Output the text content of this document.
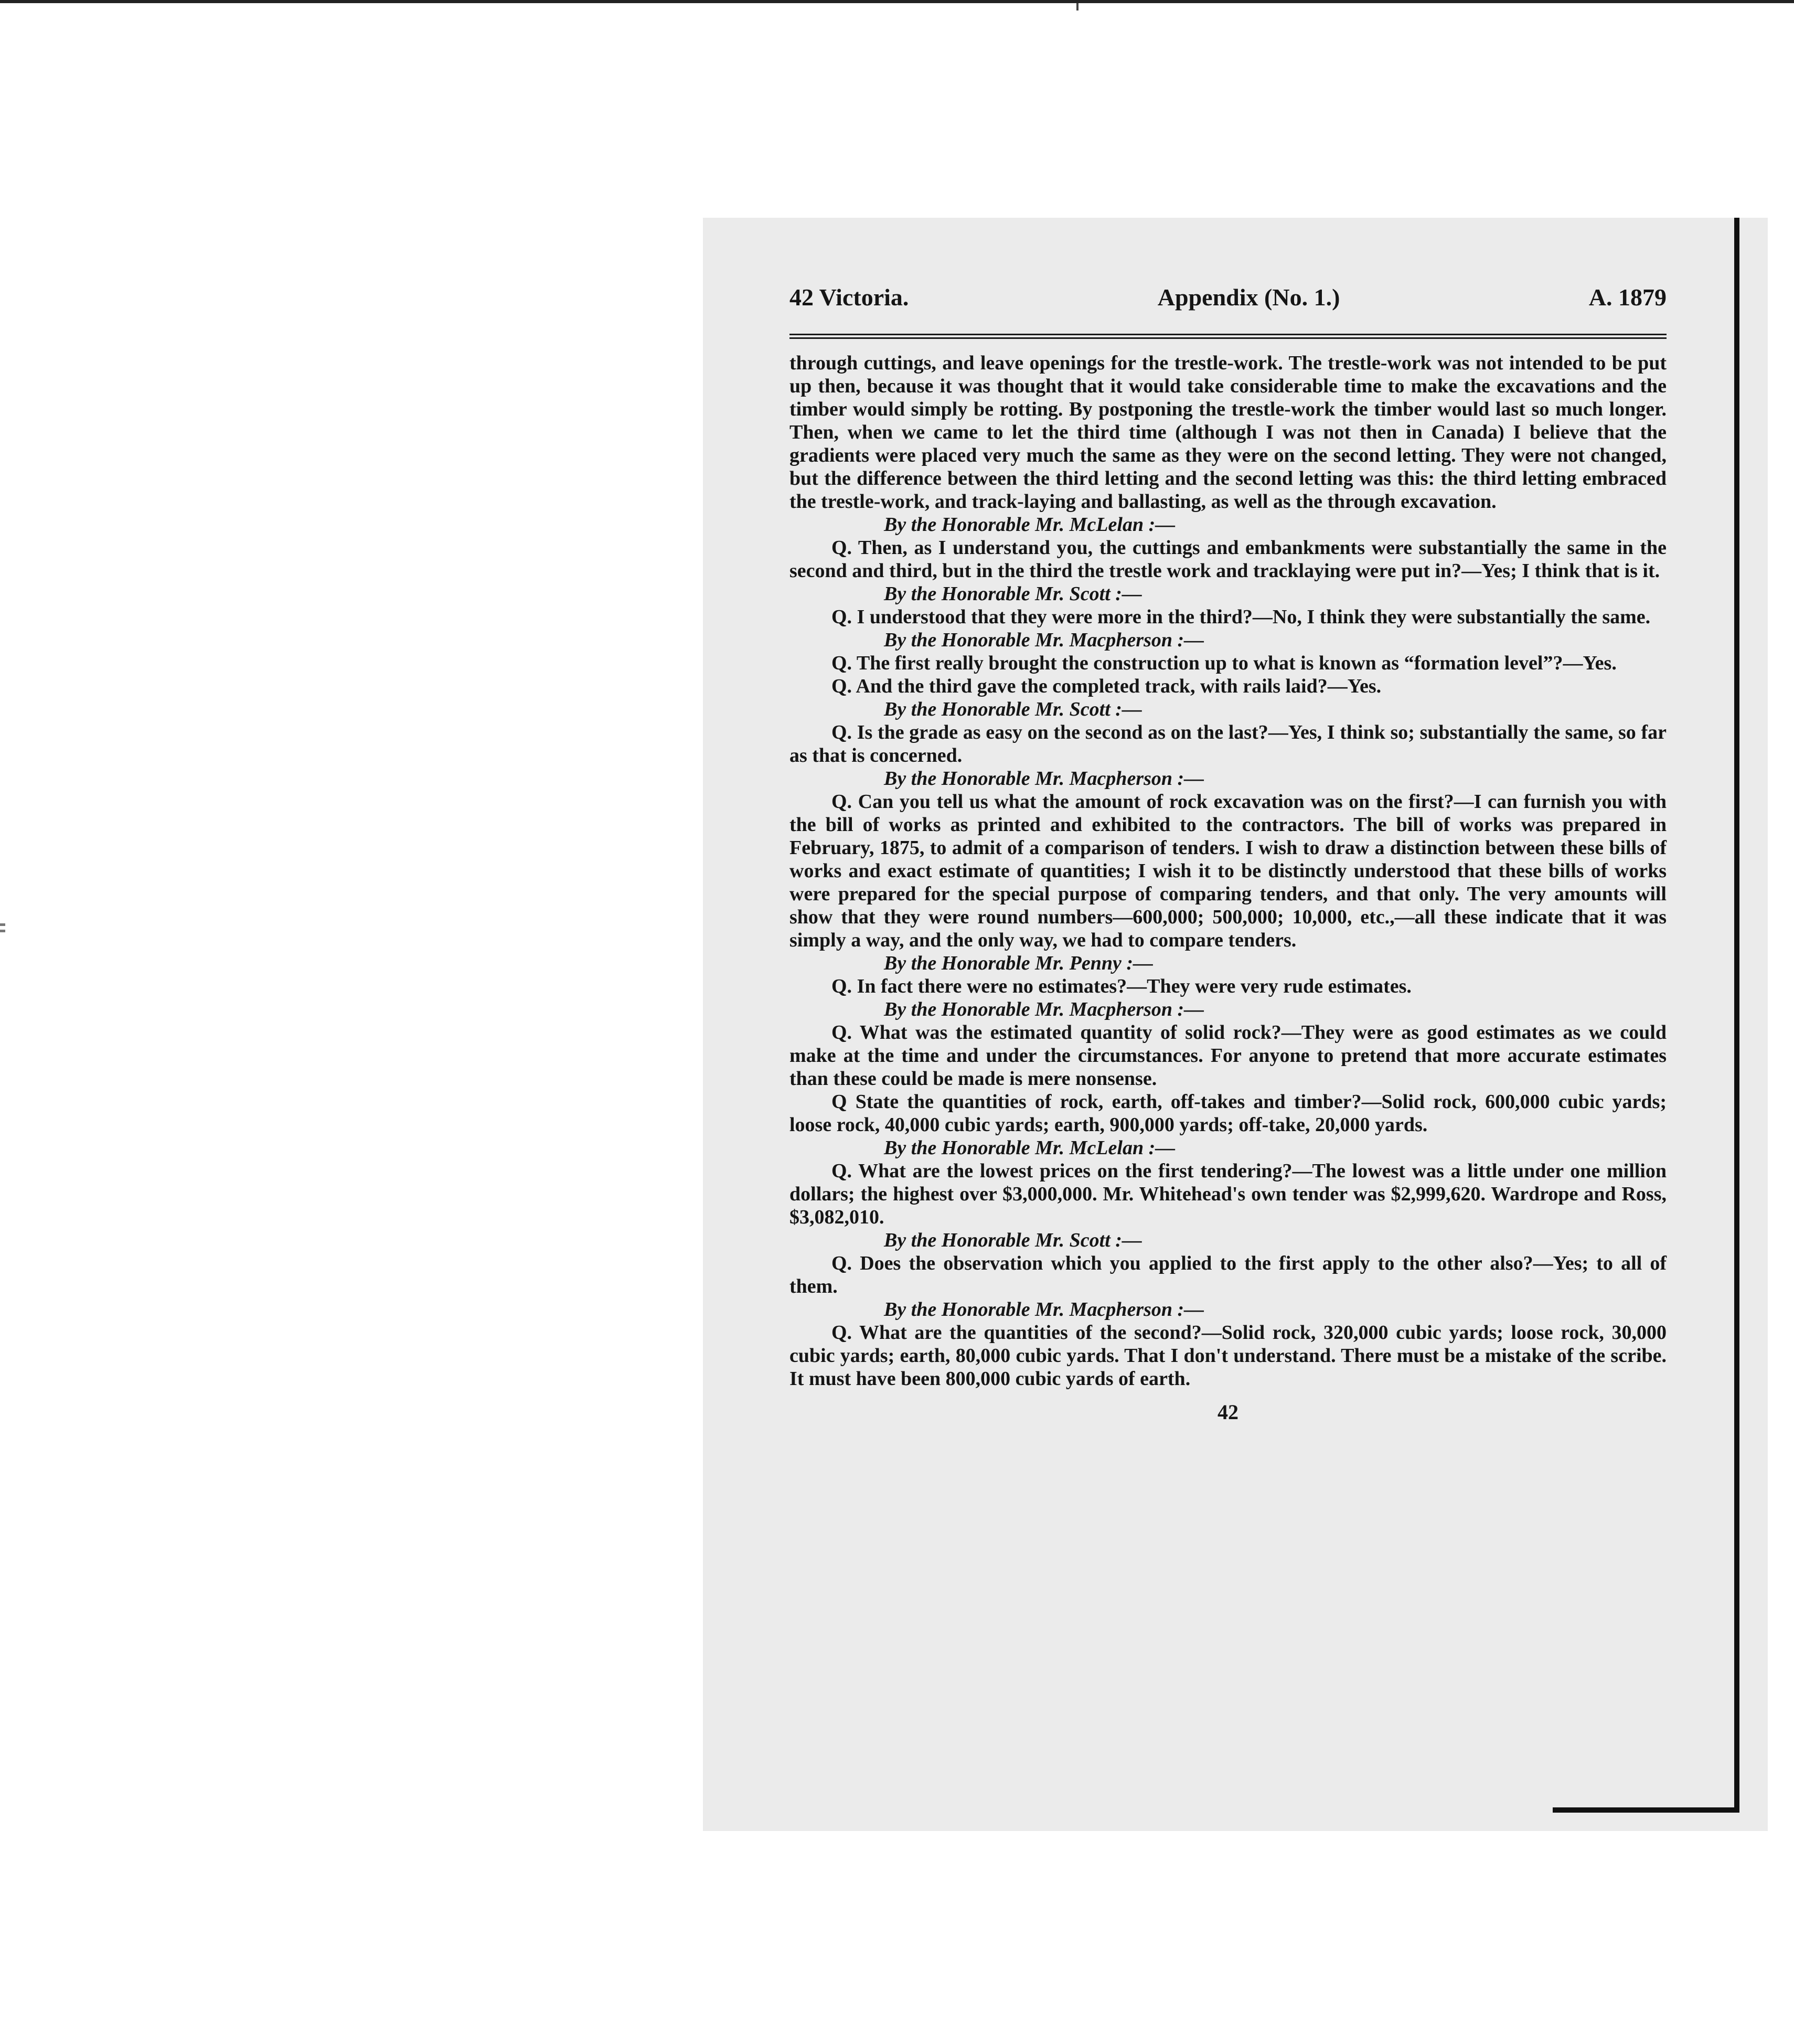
42 Victoria.	Appendix (No. 1.)	A. 1879

through cuttings, and leave openings for the trestle-work. The trestle-work was not intended to be put up then, because it was thought that it would take considerable time to make the excavations and the timber would simply be rotting. By postponing the trestle-work the timber would last so much longer. Then, when we came to let the third time (although I was not then in Canada) I believe that the gradients were placed very much the same as they were on the second letting. They were not changed, but the difference between the third letting and the second letting was this: the third letting embraced the trestle-work, and track-laying and ballasting, as well as the through excavation.

By the Honorable Mr. McLelan :—

Q. Then, as I understand you, the cuttings and embankments were substantially the same in the second and third, but in the third the trestle work and tracklaying were put in?—Yes; I think that is it.

By the Honorable Mr. Scott :—

Q. I understood that they were more in the third?—No, I think they were substantially the same.

By the Honorable Mr. Macpherson :—

Q. The first really brought the construction up to what is known as “formation level”?—Yes.

Q. And the third gave the completed track, with rails laid?—Yes.

By the Honorable Mr. Scott :—

Q. Is the grade as easy on the second as on the last?—Yes, I think so; substantially the same, so far as that is concerned.

By the Honorable Mr. Macpherson :—

Q. Can you tell us what the amount of rock excavation was on the first?—I can furnish you with the bill of works as printed and exhibited to the contractors. The bill of works was prepared in February, 1875, to admit of a comparison of tenders. I wish to draw a distinction between these bills of works and exact estimate of quantities; I wish it to be distinctly understood that these bills of works were prepared for the special purpose of comparing tenders, and that only. The very amounts will show that they were round numbers—600,000; 500,000; 10,000, etc.,—all these indicate that it was simply a way, and the only way, we had to compare tenders.

By the Honorable Mr. Penny :—

Q. In fact there were no estimates?—They were very rude estimates.

By the Honorable Mr. Macpherson :—

Q. What was the estimated quantity of solid rock?—They were as good estimates as we could make at the time and under the circumstances. For anyone to pretend that more accurate estimates than these could be made is mere nonsense.

Q State the quantities of rock, earth, off-takes and timber?—Solid rock, 600,000 cubic yards; loose rock, 40,000 cubic yards; earth, 900,000 yards; off-take, 20,000 yards.

By the Honorable Mr. McLelan :—

Q. What are the lowest prices on the first tendering?—The lowest was a little under one million dollars; the highest over $3,000,000. Mr. Whitehead's own tender was $2,999,620. Wardrope and Ross, $3,082,010.

By the Honorable Mr. Scott :—

Q. Does the observation which you applied to the first apply to the other also?—Yes; to all of them.

By the Honorable Mr. Macpherson :—

Q. What are the quantities of the second?—Solid rock, 320,000 cubic yards; loose rock, 30,000 cubic yards; earth, 80,000 cubic yards. That I don't understand. There must be a mistake of the scribe. It must have been 800,000 cubic yards of earth.

42
